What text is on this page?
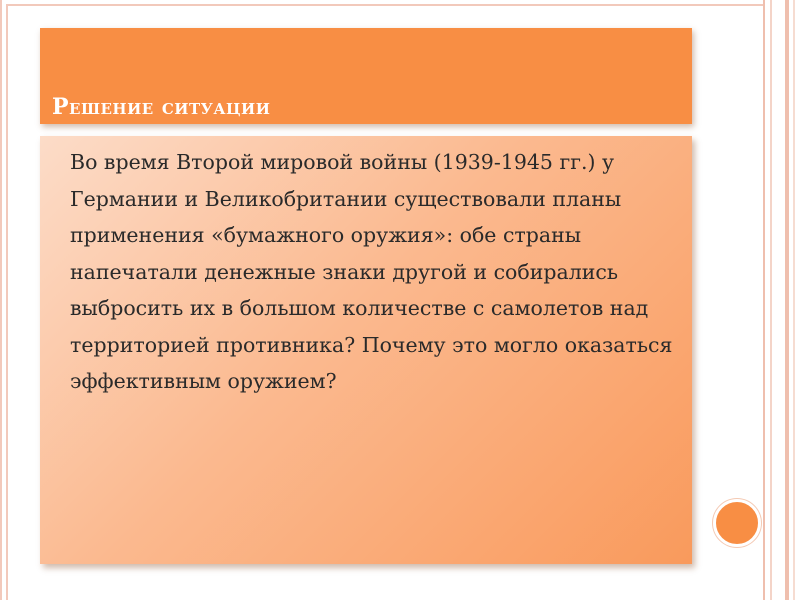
Решение ситуации
Во время Второй мировой войны (1939-1945 гг.) у Германии и Великобритании существовали планы применения «бумажного оружия»: обе страны напечатали денежные знаки другой и собирались выбросить их в большом количестве с самолетов над территорией противника? Почему это могло оказаться эффективным оружием?
